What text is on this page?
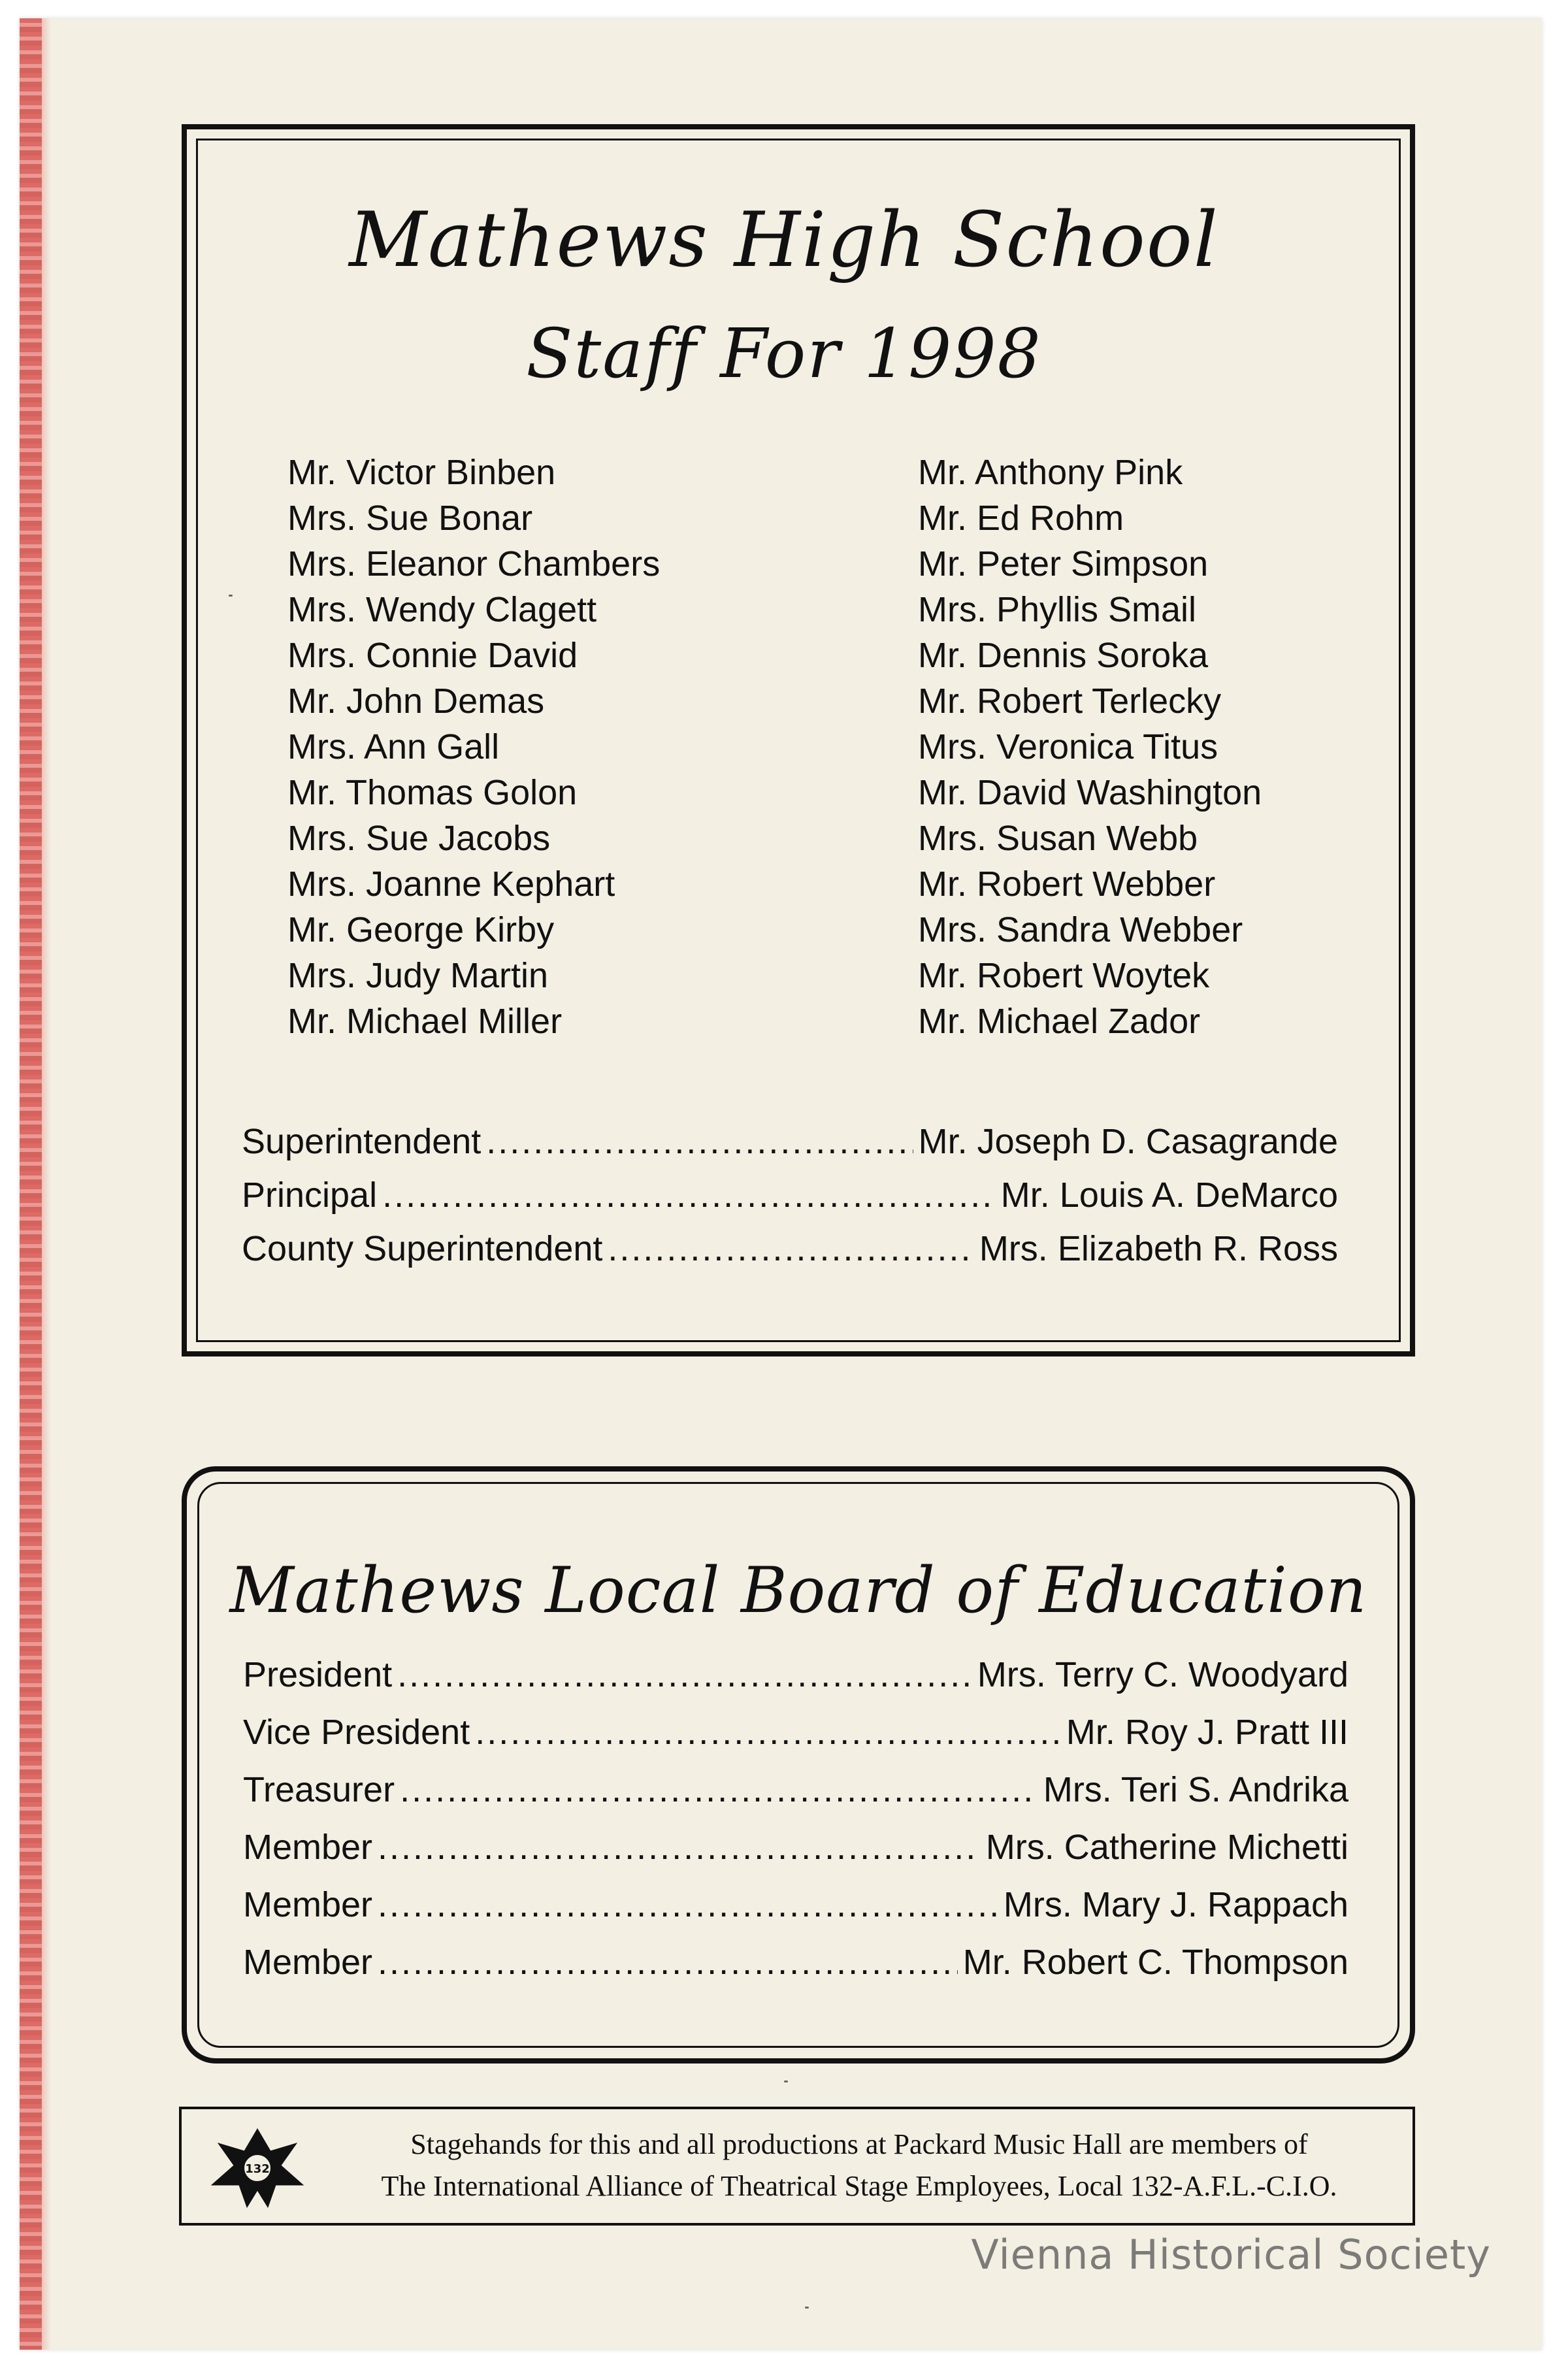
Mathews High School
Staff For 1998
Mr. Victor Binben
Mrs. Sue Bonar
Mrs. Eleanor Chambers
Mrs. Wendy Clagett
Mrs. Connie David
Mr. John Demas
Mrs. Ann Gall
Mr. Thomas Golon
Mrs. Sue Jacobs
Mrs. Joanne Kephart
Mr. George Kirby
Mrs. Judy Martin
Mr. Michael Miller
Mr. Anthony Pink
Mr. Ed Rohm
Mr. Peter Simpson
Mrs. Phyllis Smail
Mr. Dennis Soroka
Mr. Robert Terlecky
Mrs. Veronica Titus
Mr. David Washington
Mrs. Susan Webb
Mr. Robert Webber
Mrs. Sandra Webber
Mr. Robert Woytek
Mr. Michael Zador
Superintendent .....	Mr. Joseph D. Casagrande
Principal .....	Mr. Louis A. DeMarco
County Superintendent .....	Mrs. Elizabeth R. Ross
Mathews Local Board of Education
President .....	Mrs. Terry C. Woodyard
Vice President .....	Mr. Roy J. Pratt III
Treasurer .....	Mrs. Teri S. Andrika
Member .....	Mrs. Catherine Michetti
Member .....	Mrs. Mary J. Rappach
Member .....	Mr. Robert C. Thompson
132
Stagehands for this and all productions at Packard Music Hall are members of
The International Alliance of Theatrical Stage Employees, Local 132-A.F.L.-C.I.O.
Vienna Historical Society
